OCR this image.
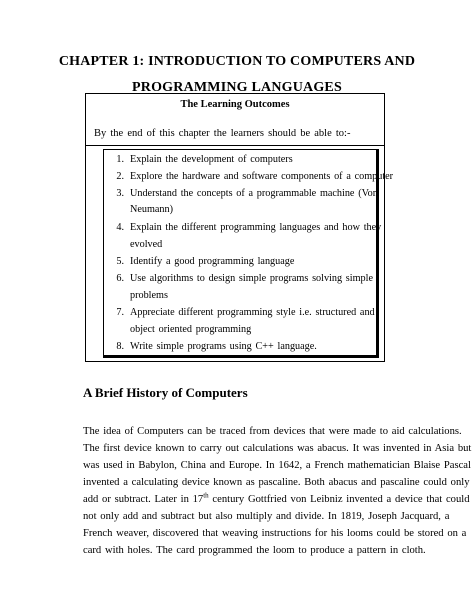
CHAPTER 1: INTRODUCTION TO COMPUTERS AND
PROGRAMMING LANGUAGES
The Learning Outcomes
By the end of this chapter the learners should be able to:-
1. Explain the development of computers
2. Explore the hardware and software components of a computer
3. Understand the concepts of a programmable machine (Von
Neumann)
4. Explain the different programming languages and how they
evolved
5. Identify a good programming language
6. Use algorithms to design simple programs solving simple
problems
7. Appreciate different programming style i.e. structured and
object oriented programming
8. Write simple programs using C++ language.
A Brief History of Computers
The idea of Computers can be traced from devices that were made to aid calculations.
The first device known to carry out calculations was abacus. It was invented in Asia but
was used in Babylon, China and Europe. In 1642, a French mathematician Blaise Pascal
invented a calculating device known as pascaline. Both abacus and pascaline could only
add or subtract. Later in 17th century Gottfried von Leibniz invented a device that could
not only add and subtract but also multiply and divide. In 1819, Joseph Jacquard, a
French weaver, discovered that weaving instructions for his looms could be stored on a
card with holes. The card programmed the loom to produce a pattern in cloth.
